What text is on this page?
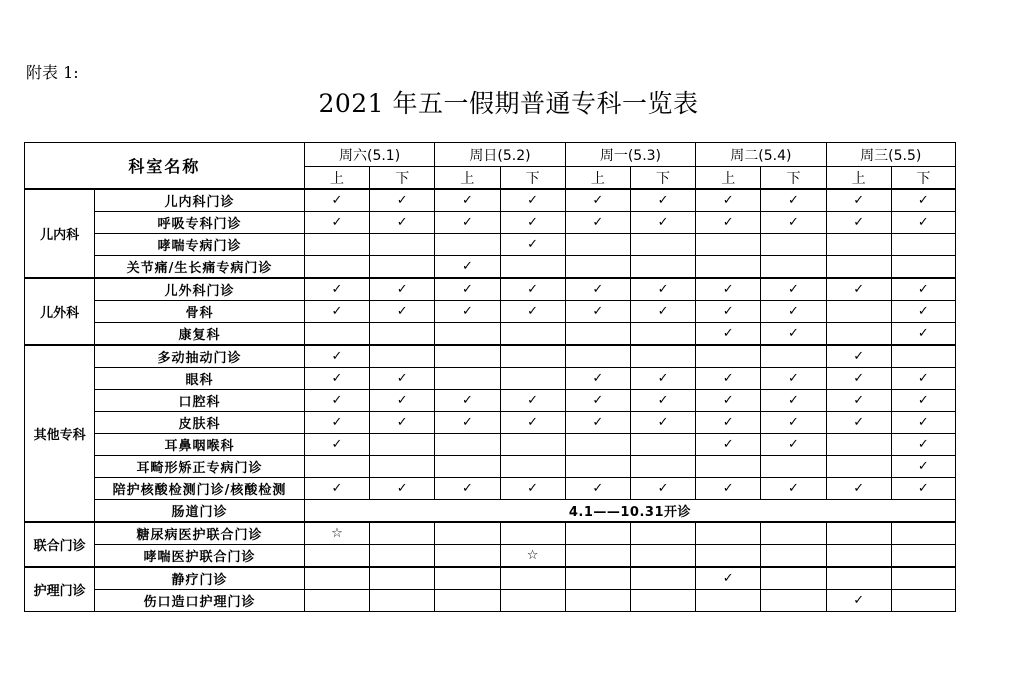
附表 1:
2021 年五一假期普通专科一览表
科室名称		周六(5.1)		周日(5.2)		周一(5.3)		周二(5.4)		周三(5.5)	
		上	下	上	下	上	下	上	下	上	下
儿内科	儿内科门诊	✓	✓	✓	✓	✓	✓	✓	✓	✓	✓
	呼吸专科门诊	✓	✓	✓	✓	✓	✓	✓	✓	✓	✓
	哮喘专病门诊				✓						
	关节痛/生长痛专病门诊			✓							
儿外科	儿外科门诊	✓	✓	✓	✓	✓	✓	✓	✓	✓	✓
	骨科	✓	✓	✓	✓	✓	✓	✓	✓		✓
	康复科							✓	✓		✓
其他专科	多动抽动门诊	✓								✓	
	眼科	✓	✓			✓	✓	✓	✓	✓	✓
	口腔科	✓	✓	✓	✓	✓	✓	✓	✓	✓	✓
	皮肤科	✓	✓	✓	✓	✓	✓	✓	✓	✓	✓
	耳鼻咽喉科	✓						✓	✓		✓
	耳畸形矫正专病门诊										✓
	陪护核酸检测门诊/核酸检测	✓	✓	✓	✓	✓	✓	✓	✓	✓	✓
	肠道门诊	4.1——10.31开诊									
联合门诊	糖尿病医护联合门诊	☆									
	哮喘医护联合门诊				☆						
护理门诊	静疗门诊							✓			
	伤口造口护理门诊									✓	
